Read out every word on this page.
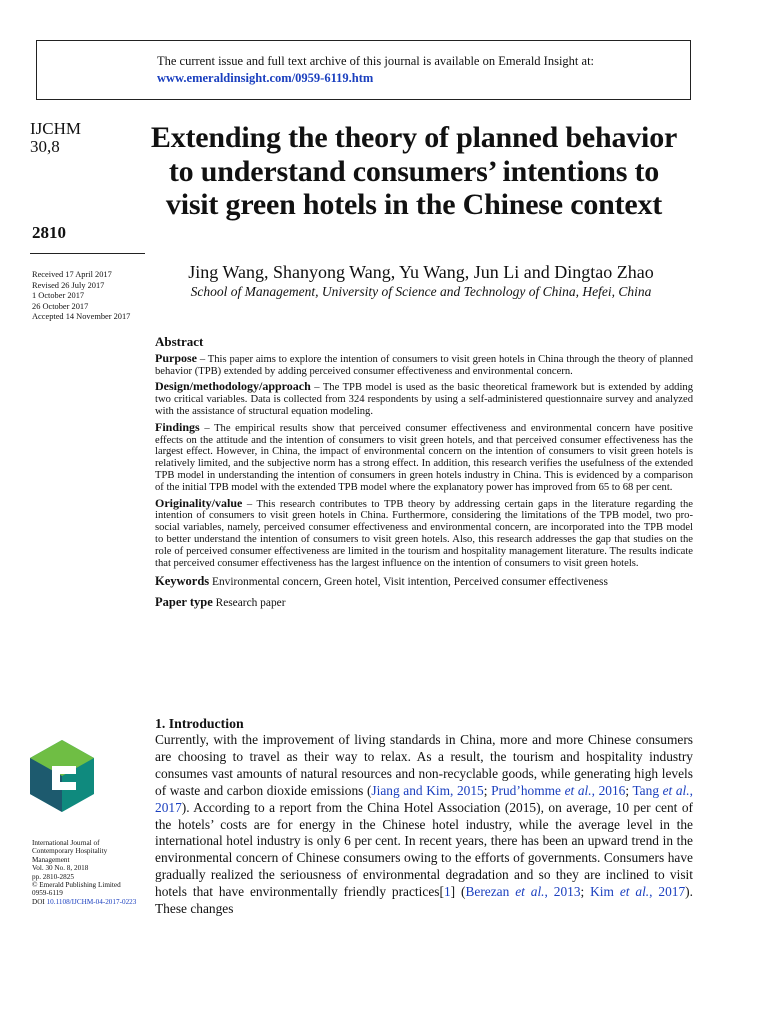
The current issue and full text archive of this journal is available on Emerald Insight at:
www.emeraldinsight.com/0959-6119.htm
IJCHM
30,8
2810
Received 17 April 2017
Revised 26 July 2017
1 October 2017
26 October 2017
Accepted 14 November 2017
International Journal of
Contemporary Hospitality
Management
Vol. 30 No. 8, 2018
pp. 2810-2825
© Emerald Publishing Limited
0959-6119
DOI 10.1108/IJCHM-04-2017-0223
Extending the theory of planned behavior to understand consumers’ intentions to visit green hotels in the Chinese context
Jing Wang, Shanyong Wang, Yu Wang, Jun Li and Dingtao Zhao
School of Management, University of Science and Technology of China, Hefei, China
Abstract

Purpose – This paper aims to explore the intention of consumers to visit green hotels in China through the theory of planned behavior (TPB) extended by adding perceived consumer effectiveness and environmental concern.

Design/methodology/approach – The TPB model is used as the basic theoretical framework but is extended by adding two critical variables. Data is collected from 324 respondents by using a self-administered questionnaire survey and analyzed with the assistance of structural equation modeling.

Findings – The empirical results show that perceived consumer effectiveness and environmental concern have positive effects on the attitude and the intention of consumers to visit green hotels, and that perceived consumer effectiveness has the largest effect. However, in China, the impact of environmental concern on the intention of consumers to visit green hotels is relatively limited, and the subjective norm has a strong effect. In addition, this research verifies the usefulness of the extended TPB model in understanding the intention of consumers in green hotels industry in China. This is evidenced by a comparison of the initial TPB model with the extended TPB model where the explanatory power has improved from 65 to 68 per cent.

Originality/value – This research contributes to TPB theory by addressing certain gaps in the literature regarding the intention of consumers to visit green hotels in China. Furthermore, considering the limitations of the TPB model, two pro-social variables, namely, perceived consumer effectiveness and environmental concern, are incorporated into the TPB model to better understand the intention of consumers to visit green hotels. Also, this research addresses the gap that studies on the role of perceived consumer effectiveness are limited in the tourism and hospitality management literature. The results indicate that perceived consumer effectiveness has the largest influence on the intention of consumers to visit green hotels.

Keywords Environmental concern, Green hotel, Visit intention, Perceived consumer effectiveness

Paper type Research paper

1. Introduction

Currently, with the improvement of living standards in China, more and more Chinese consumers are choosing to travel as their way to relax. As a result, the tourism and hospitality industry consumes vast amounts of natural resources and non-recyclable goods, while generating high levels of waste and carbon dioxide emissions (Jiang and Kim, 2015; Prud’homme et al., 2016; Tang et al., 2017). According to a report from the China Hotel Association (2015), on average, 10 per cent of the hotels’ costs are for energy in the Chinese hotel industry, while the average level in the international hotel industry is only 6 per cent. In recent years, there has been an upward trend in the environmental concern of Chinese consumers owing to the efforts of governments. Consumers have gradually realized the seriousness of environmental degradation and so they are inclined to visit hotels that have environmentally friendly practices[1] (Berezan et al., 2013; Kim et al., 2017). These changes
